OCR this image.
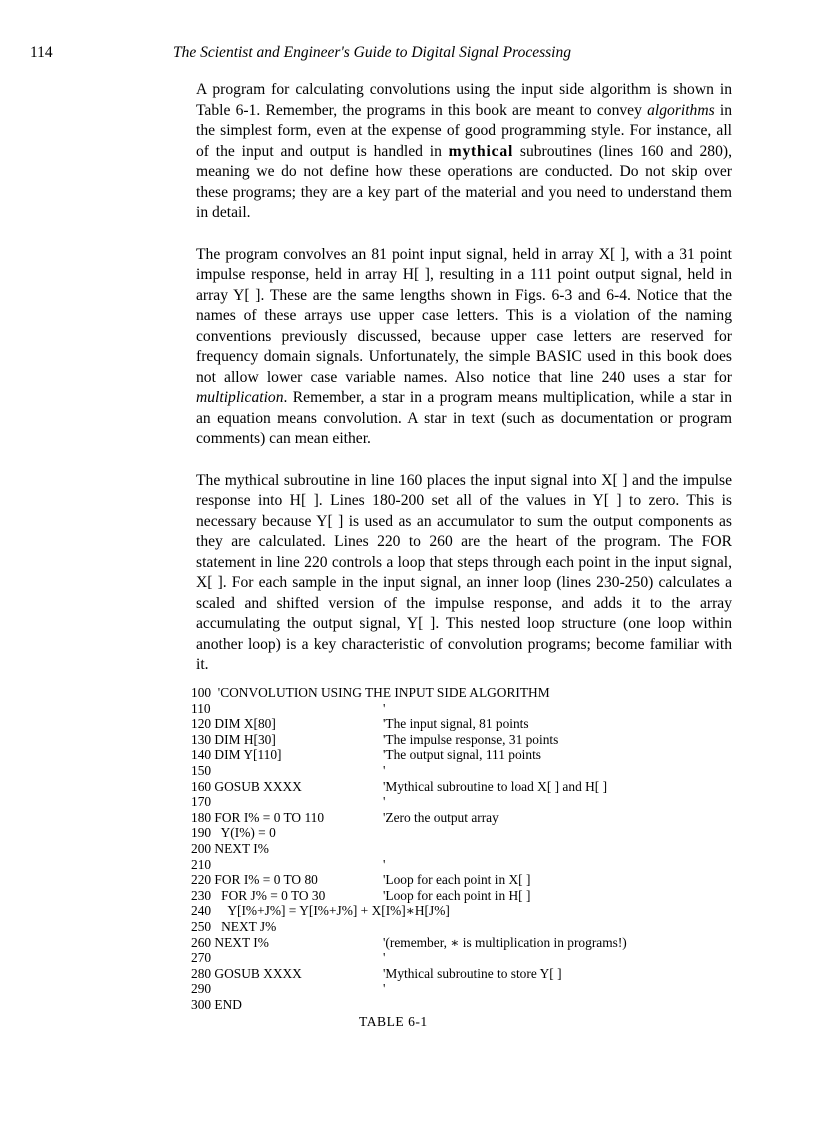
114	The Scientist and Engineer's Guide to Digital Signal Processing

A program for calculating convolutions using the input side algorithm is shown in Table 6-1. Remember, the programs in this book are meant to convey algorithms in the simplest form, even at the expense of good programming style. For instance, all of the input and output is handled in mythical subroutines (lines 160 and 280), meaning we do not define how these operations are conducted. Do not skip over these programs; they are a key part of the material and you need to understand them in detail.

The program convolves an 81 point input signal, held in array X[ ], with a 31 point impulse response, held in array H[ ], resulting in a 111 point output signal, held in array Y[ ]. These are the same lengths shown in Figs. 6-3 and 6-4. Notice that the names of these arrays use upper case letters. This is a violation of the naming conventions previously discussed, because upper case letters are reserved for frequency domain signals. Unfortunately, the simple BASIC used in this book does not allow lower case variable names. Also notice that line 240 uses a star for multiplication. Remember, a star in a program means multiplication, while a star in an equation means convolution. A star in text (such as documentation or program comments) can mean either.

The mythical subroutine in line 160 places the input signal into X[ ] and the impulse response into H[ ]. Lines 180-200 set all of the values in Y[ ] to zero. This is necessary because Y[ ] is used as an accumulator to sum the output components as they are calculated. Lines 220 to 260 are the heart of the program. The FOR statement in line 220 controls a loop that steps through each point in the input signal, X[ ]. For each sample in the input signal, an inner loop (lines 230-250) calculates a scaled and shifted version of the impulse response, and adds it to the array accumulating the output signal, Y[ ]. This nested loop structure (one loop within another loop) is a key characteristic of convolution programs; become familiar with it.

100  'CONVOLUTION USING THE INPUT SIDE ALGORITHM
110	'
120 DIM X[80]	'The input signal, 81 points
130 DIM H[30]	'The impulse response, 31 points
140 DIM Y[110]	'The output signal, 111 points
150	'
160 GOSUB XXXX	'Mythical subroutine to load X[ ] and H[ ]
170	'
180 FOR I% = 0 TO 110	'Zero the output array
190   Y(I%) = 0
200 NEXT I%
210	'
220 FOR I% = 0 TO 80	'Loop for each point in X[ ]
230   FOR J% = 0 TO 30	'Loop for each point in H[ ]
240     Y[I%+J%] = Y[I%+J%] + X[I%]∗H[J%]
250   NEXT J%
260 NEXT I%	'(remember, ∗ is multiplication in programs!)
270	'
280 GOSUB XXXX	'Mythical subroutine to store Y[ ]
290	'
300 END
TABLE 6-1
